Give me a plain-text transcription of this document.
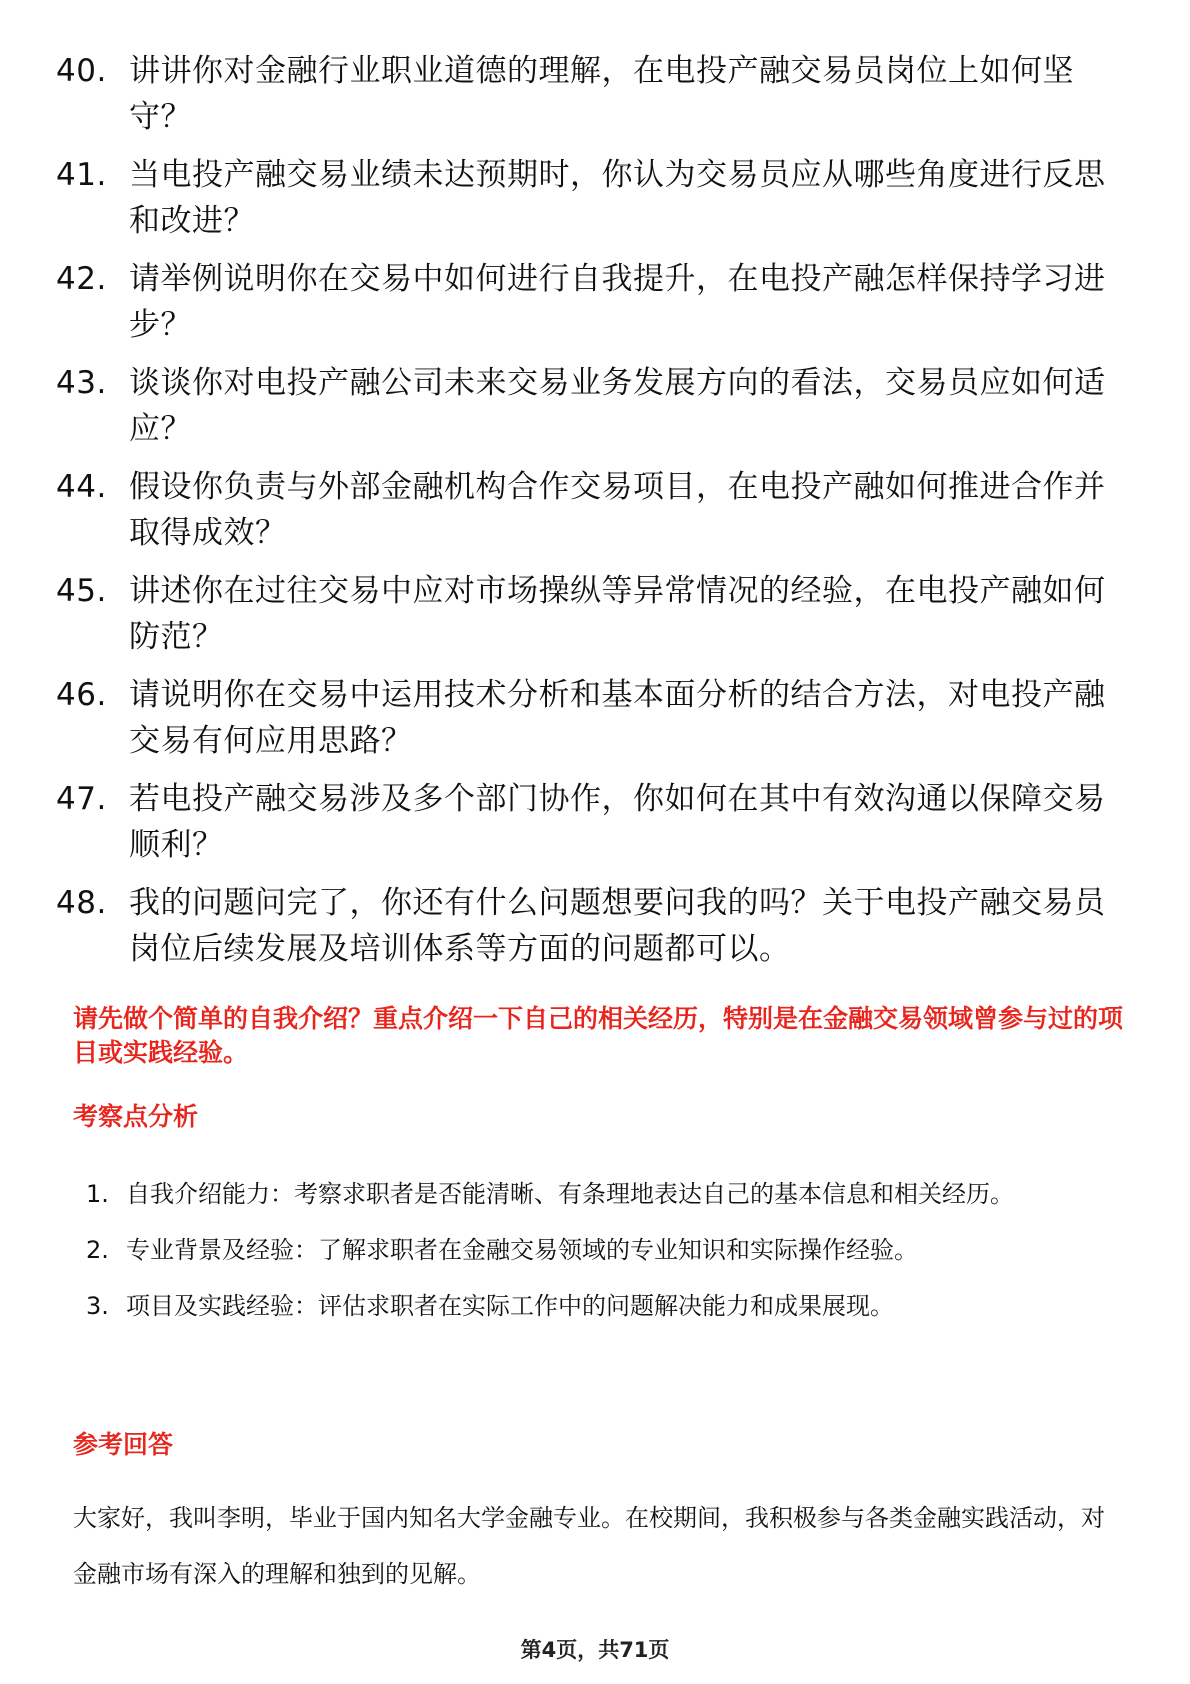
40. 讲讲你对金融行业职业道德的理解，在电投产融交易员岗位上如何坚守？
41. 当电投产融交易业绩未达预期时，你认为交易员应从哪些角度进行反思和改进？
42. 请举例说明你在交易中如何进行自我提升，在电投产融怎样保持学习进步？
43. 谈谈你对电投产融公司未来交易业务发展方向的看法，交易员应如何适应？
44. 假设你负责与外部金融机构合作交易项目，在电投产融如何推进合作并取得成效？
45. 讲述你在过往交易中应对市场操纵等异常情况的经验，在电投产融如何防范？
46. 请说明你在交易中运用技术分析和基本面分析的结合方法，对电投产融交易有何应用思路？
47. 若电投产融交易涉及多个部门协作，你如何在其中有效沟通以保障交易顺利？
48. 我的问题问完了，你还有什么问题想要问我的吗？关于电投产融交易员岗位后续发展及培训体系等方面的问题都可以。
请先做个简单的自我介绍？重点介绍一下自己的相关经历，特别是在金融交易领域曾参与过的项目或实践经验。
考察点分析
1. 自我介绍能力：考察求职者是否能清晰、有条理地表达自己的基本信息和相关经历。
2. 专业背景及经验：了解求职者在金融交易领域的专业知识和实际操作经验。
3. 项目及实践经验：评估求职者在实际工作中的问题解决能力和成果展现。
参考回答
大家好，我叫李明，毕业于国内知名大学金融专业。在校期间，我积极参与各类金融实践活动，对金融市场有深入的理解和独到的见解。
第4页，共71页
